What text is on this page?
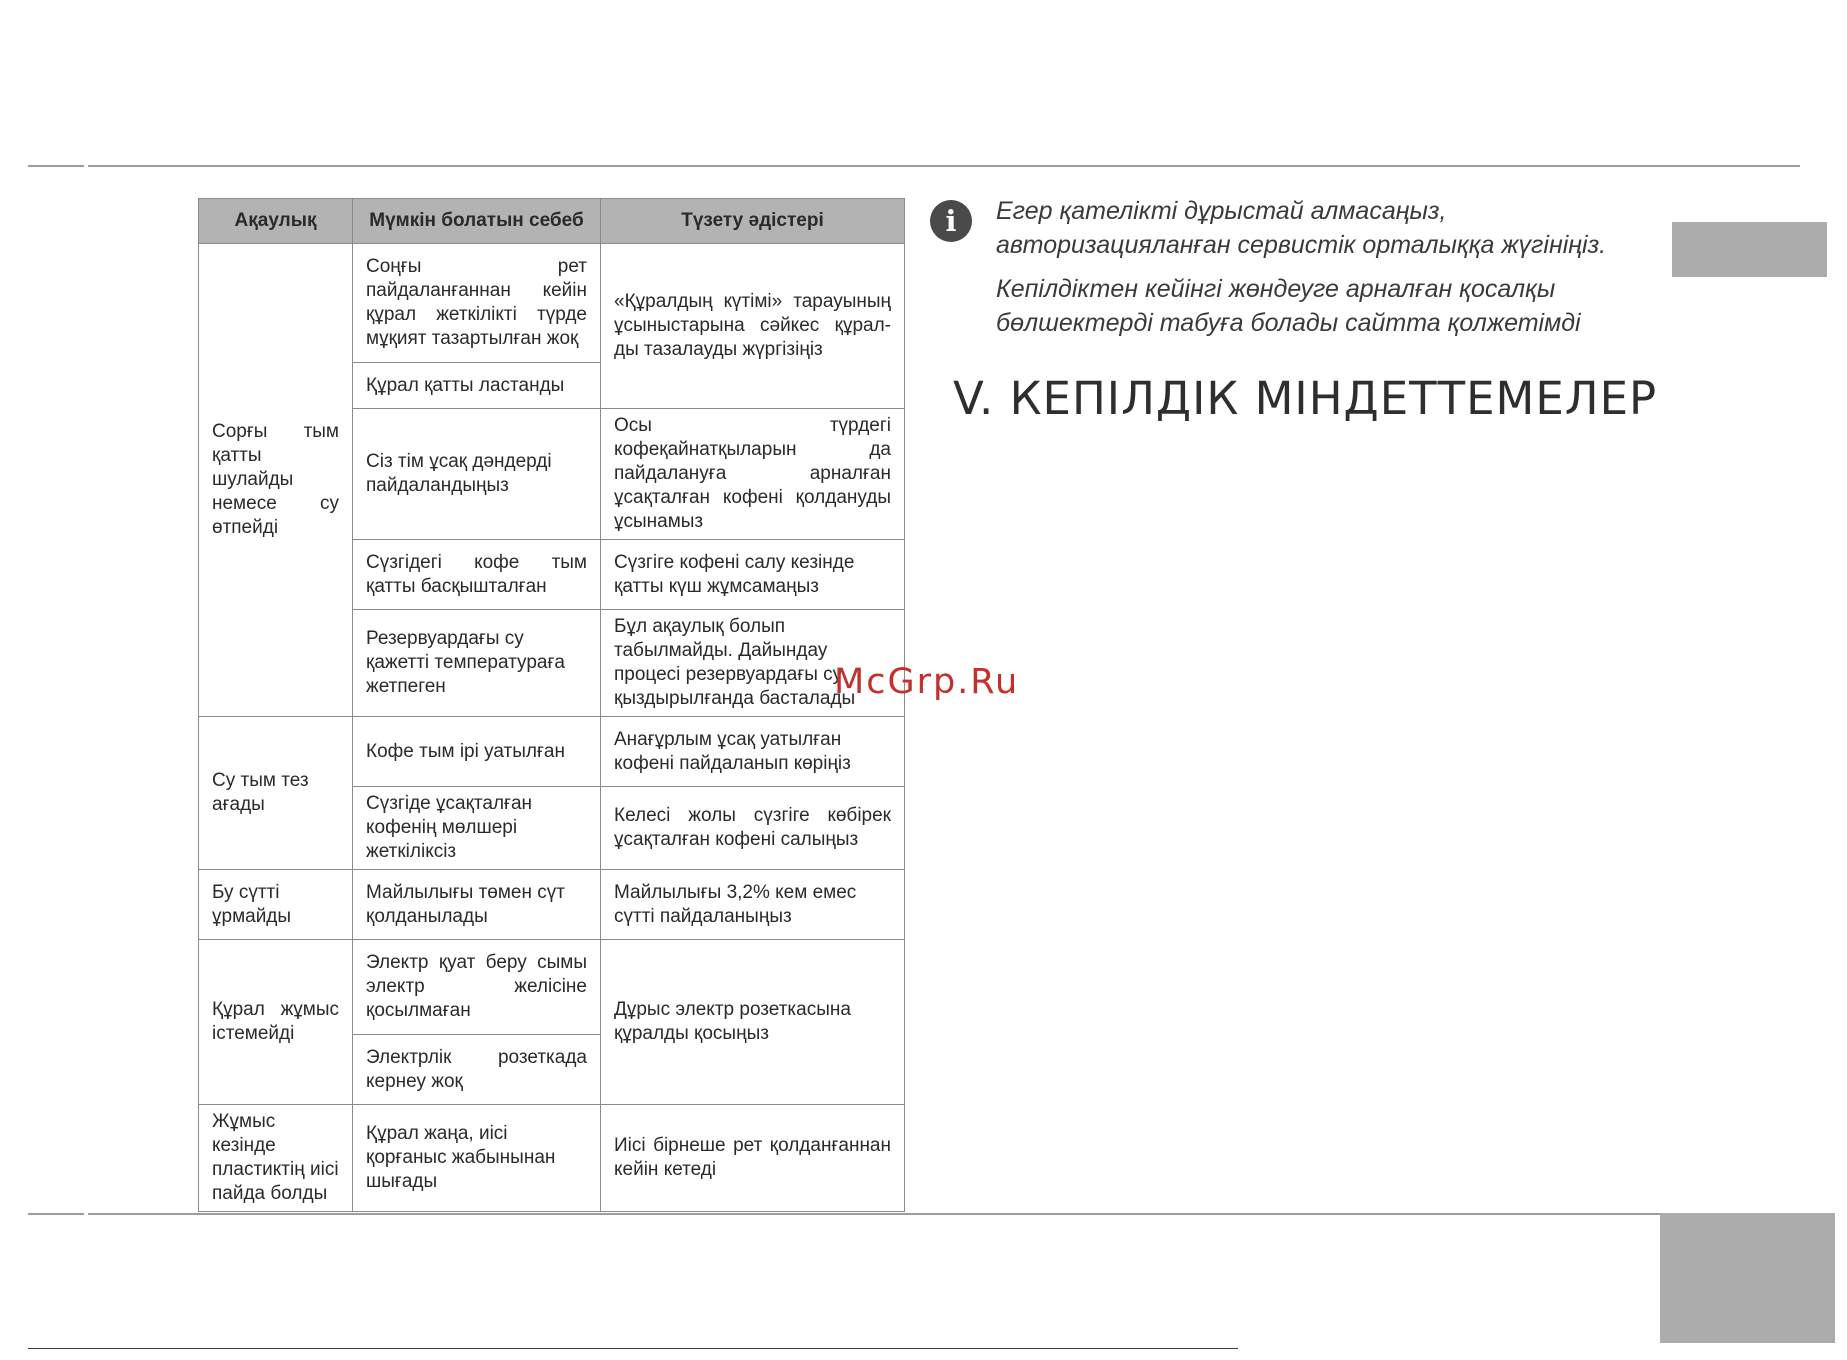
Ақаулық	Мүмкін болатын себеб	Түзету әдістері
Сорғы тым қатты шулайды немесе су өтпейді	Соңғы рет пайдаланғаннан кейін құрал жеткілікті түрде мұқият тазартылған жоқ	«Құралдың күтімі» тарауының ұсыныстарына сәйкес құрал-ды тазалауды жүргізіңіз
	Құрал қатты ластанды	
	Сіз тім ұсақ дәндерді пайдаландыңыз	Осы түрдегі кофеқайнатқыларын да пайдалануға арналған ұсақталған кофені қолдануды ұсынамыз
	Сүзгідегі кофе тым қатты басқышталған	Сүзгіге кофені салу кезінде қатты күш жұмсамаңыз
	Резервуардағы су қажетті температураға жетпеген	Бұл ақаулық болып табылмайды. Дайындау процесі резервуардағы су қыздырылғанда басталады
Су тым тез ағады	Кофе тым ірі уатылған	Анағұрлым ұсақ уатылған кофені пайдаланып көріңіз
	Сүзгіде ұсақталған кофенің мөлшері жеткіліксіз	Келесі жолы сүзгіге көбірек ұсақталған кофені салыңыз
Бу сүтті ұрмайды	Майлылығы төмен сүт қолданылады	Майлылығы 3,2% кем емес сүтті пайдаланыңыз
Құрал жұмыс істемейді	Электр қуат беру сымы электр желісіне қосылмаған	Дұрыс электр розеткасына құралды қосыңыз
	Электрлік розеткада кернеу жоқ	
Жұмыс кезінде пластиктің иісі пайда болды	Құрал жаңа, иісі қорғаныс жабынынан шығады	Иісі бірнеше рет қолданғаннан кейін кетеді
i	Егер қателікті дұрыстай алмасаңыз, авторизацияланған сервистік орталыққа жүгініңіз.

Кепілдіктен кейінгі жөндеуге арналған қосалқы бөлшектерді табуға болады сайтта қолжетімді

V. КЕПІЛДІК МІНДЕТТЕМЕЛЕР
McGrp.Ru
